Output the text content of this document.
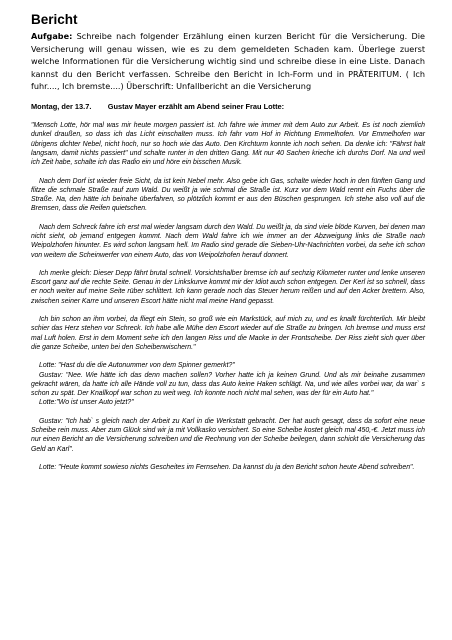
Bericht

Aufgabe: Schreibe nach folgender Erzählung einen kurzen Bericht für die Versicherung. Die Versicherung will genau wissen, wie es zu dem gemeldeten Schaden kam. Überlege zuerst welche Informationen für die Versicherung wichtig sind und schreibe diese in eine Liste. Danach kannst du den Bericht verfassen. Schreibe den Bericht in Ich-Form und in PRÄTERITUM. ( Ich fuhr...., Ich bremste....) Überschrift: Unfallbericht an die Versicherung

Montag, der 13.7.        Gustav Mayer erzählt am Abend seiner Frau Lotte:

"Mensch Lotte, hör mal was mir heute morgen passiert ist. Ich fahre wie immer mit dem Auto zur Arbeit. Es ist noch ziemlich dunkel draußen, so dass ich das Licht einschalten muss. Ich fahr vom Hof in Richtung Emmelhofen. Vor Emmelhofen war übrigens dichter Nebel, nicht hoch, nur so hoch wie das Auto. Den Kirchturm konnte ich noch sehen. Da denke ich: "Fährst halt langsam, damit nichts passiert" und schalte runter in den dritten Gang. Mit nur 40 Sachen krieche ich durchs Dorf. Na und weil ich Zeit habe, schalte ich das Radio ein und höre ein bisschen Musik.

Nach dem Dorf ist wieder freie Sicht, da ist kein Nebel mehr. Also gebe ich Gas, schalte wieder hoch in den fünften Gang und flitze die schmale Straße rauf zum Wald. Du weißt ja wie schmal die Straße ist. Kurz vor dem Wald rennt ein Fuchs über die Straße. Na, den hätte ich beinahe überfahren, so plötzlich kommt er aus den Büschen gesprungen. Ich stehe also voll auf die Bremsen, dass die Reifen quietschen.

Nach dem Schreck fahre ich erst mal wieder langsam durch den Wald. Du weißt ja, da sind viele blöde Kurven, bei denen man nicht sieht, ob jemand entgegen kommt. Nach dem Wald fahre ich wie immer an der Abzweigung links die Straße nach Weipolzhofen hinunter. Es wird schon langsam hell. Im Radio sind gerade die Sieben-Uhr-Nachrichten vorbei, da sehe ich schon von weitem die Scheinwerfer von einem Auto, das von Weipolzhofen herauf donnert.

Ich merke gleich: Dieser Depp fährt brutal schnell. Vorsichtshalber bremse ich auf sechzig Kilometer runter und lenke unseren Escort ganz auf die rechte Seite. Genau in der Linkskurve kommt mir der Idiot auch schon entgegen. Der Kerl ist so schnell, dass er noch weiter auf meine Seite rüber schlittert. Ich kann gerade noch das Steuer herum reißen und auf den Acker brettern. Also, zwischen seiner Karre und unseren Escort hätte nicht mal meine Hand gepasst.

Ich bin schon an ihm vorbei, da fliegt ein Stein, so groß wie ein Markstück, auf mich zu, und es knallt fürchterlich. Mir bleibt schier das Herz stehen vor Schreck. Ich habe alle Mühe den Escort wieder auf die Straße zu bringen. Ich bremse und muss erst mal Luft holen. Erst in dem Moment sehe ich den langen Riss und die Macke in der Frontscheibe. Der Riss zieht sich quer über die ganze Scheibe, unten bei den Scheibenwischern."

Lotte: "Hast du die die Autonummer von dem Spinner gemerkt?"

Gustav: "Nee. Wie hätte ich das denn machen sollen? Vorher hatte ich ja keinen Grund. Und als mir beinahe zusammen gekracht wären, da hatte ich alle Hände voll zu tun, dass das Auto keine Haken schlägt. Na, und wie alles vorbei war, da war` s schon zu spät. Der Knallkopf war schon zu weit weg. Ich konnte noch nicht mal sehen, was der für ein Auto hat."

Lotte:"Wo ist unser Auto jetzt?"

Gustav: "Ich hab` s gleich nach der Arbeit zu Karl in die Werkstatt gebracht. Der hat auch gesagt, dass da sofort eine neue Scheibe rein muss. Aber zum Glück sind wir ja mit Vollkasko versichert. So eine Scheibe kostet gleich mal 450,-€. Jetzt muss ich nur einen Bericht an die Versicherung schreiben und die Rechnung von der Scheibe beilegen, dann schickt die Versicherung das Geld an Karl".

Lotte: "Heute kommt sowieso nichts Gescheites im Fernsehen. Da kannst du ja den Bericht schon heute Abend schreiben".
